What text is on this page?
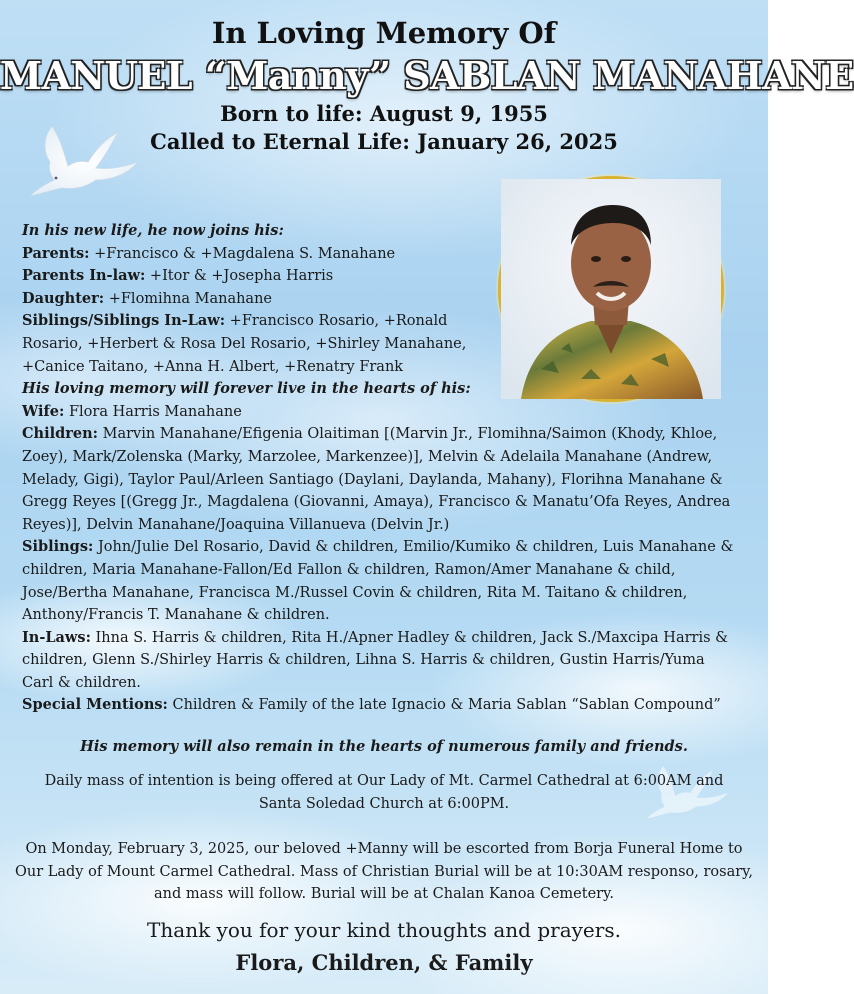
In Loving Memory Of
MANUEL “Manny” SABLAN MANAHANE
Born to life: August 9, 1955
Called to Eternal Life: January 26, 2025
In his new life, he now joins his:
Parents: +Francisco & +Magdalena S. Manahane
Parents In-law: +Itor & +Josepha Harris
Daughter: +Flomihna Manahane
Siblings/Siblings In-Law: +Francisco Rosario, +Ronald
Rosario, +Herbert & Rosa Del Rosario, +Shirley Manahane,
+Canice Taitano, +Anna H. Albert, +Renatry Frank
His loving memory will forever live in the hearts of his:
Wife: Flora Harris Manahane
Children: Marvin Manahane/Efigenia Olaitiman [(Marvin Jr., Flomihna/Saimon (Khody, Khloe,
Zoey), Mark/Zolenska (Marky, Marzolee, Markenzee)], Melvin & Adelaila Manahane (Andrew,
Melady, Gigi), Taylor Paul/Arleen Santiago (Daylani, Daylanda, Mahany), Florihna Manahane &
Gregg Reyes [(Gregg Jr., Magdalena (Giovanni, Amaya), Francisco & Manatu’Ofa Reyes, Andrea
Reyes)], Delvin Manahane/Joaquina Villanueva (Delvin Jr.)
Siblings: John/Julie Del Rosario, David & children, Emilio/Kumiko & children, Luis Manahane &
children, Maria Manahane-Fallon/Ed Fallon & children, Ramon/Amer Manahane & child,
Jose/Bertha Manahane, Francisca M./Russel Covin & children, Rita M. Taitano & children,
Anthony/Francis T. Manahane & children.
In-Laws: Ihna S. Harris & children, Rita H./Apner Hadley & children, Jack S./Maxcipa Harris &
children, Glenn S./Shirley Harris & children, Lihna S. Harris & children, Gustin Harris/Yuma
Carl & children.
Special Mentions: Children & Family of the late Ignacio & Maria Sablan “Sablan Compound”
His memory will also remain in the hearts of numerous family and friends.
Daily mass of intention is being offered at Our Lady of Mt. Carmel Cathedral at 6:00AM and Santa Soledad Church at 6:00PM.
On Monday, February 3, 2025, our beloved +Manny will be escorted from Borja Funeral Home to Our Lady of Mount Carmel Cathedral. Mass of Christian Burial will be at 10:30AM responso, rosary, and mass will follow. Burial will be at Chalan Kanoa Cemetery.
Thank you for your kind thoughts and prayers.
Flora, Children, & Family
